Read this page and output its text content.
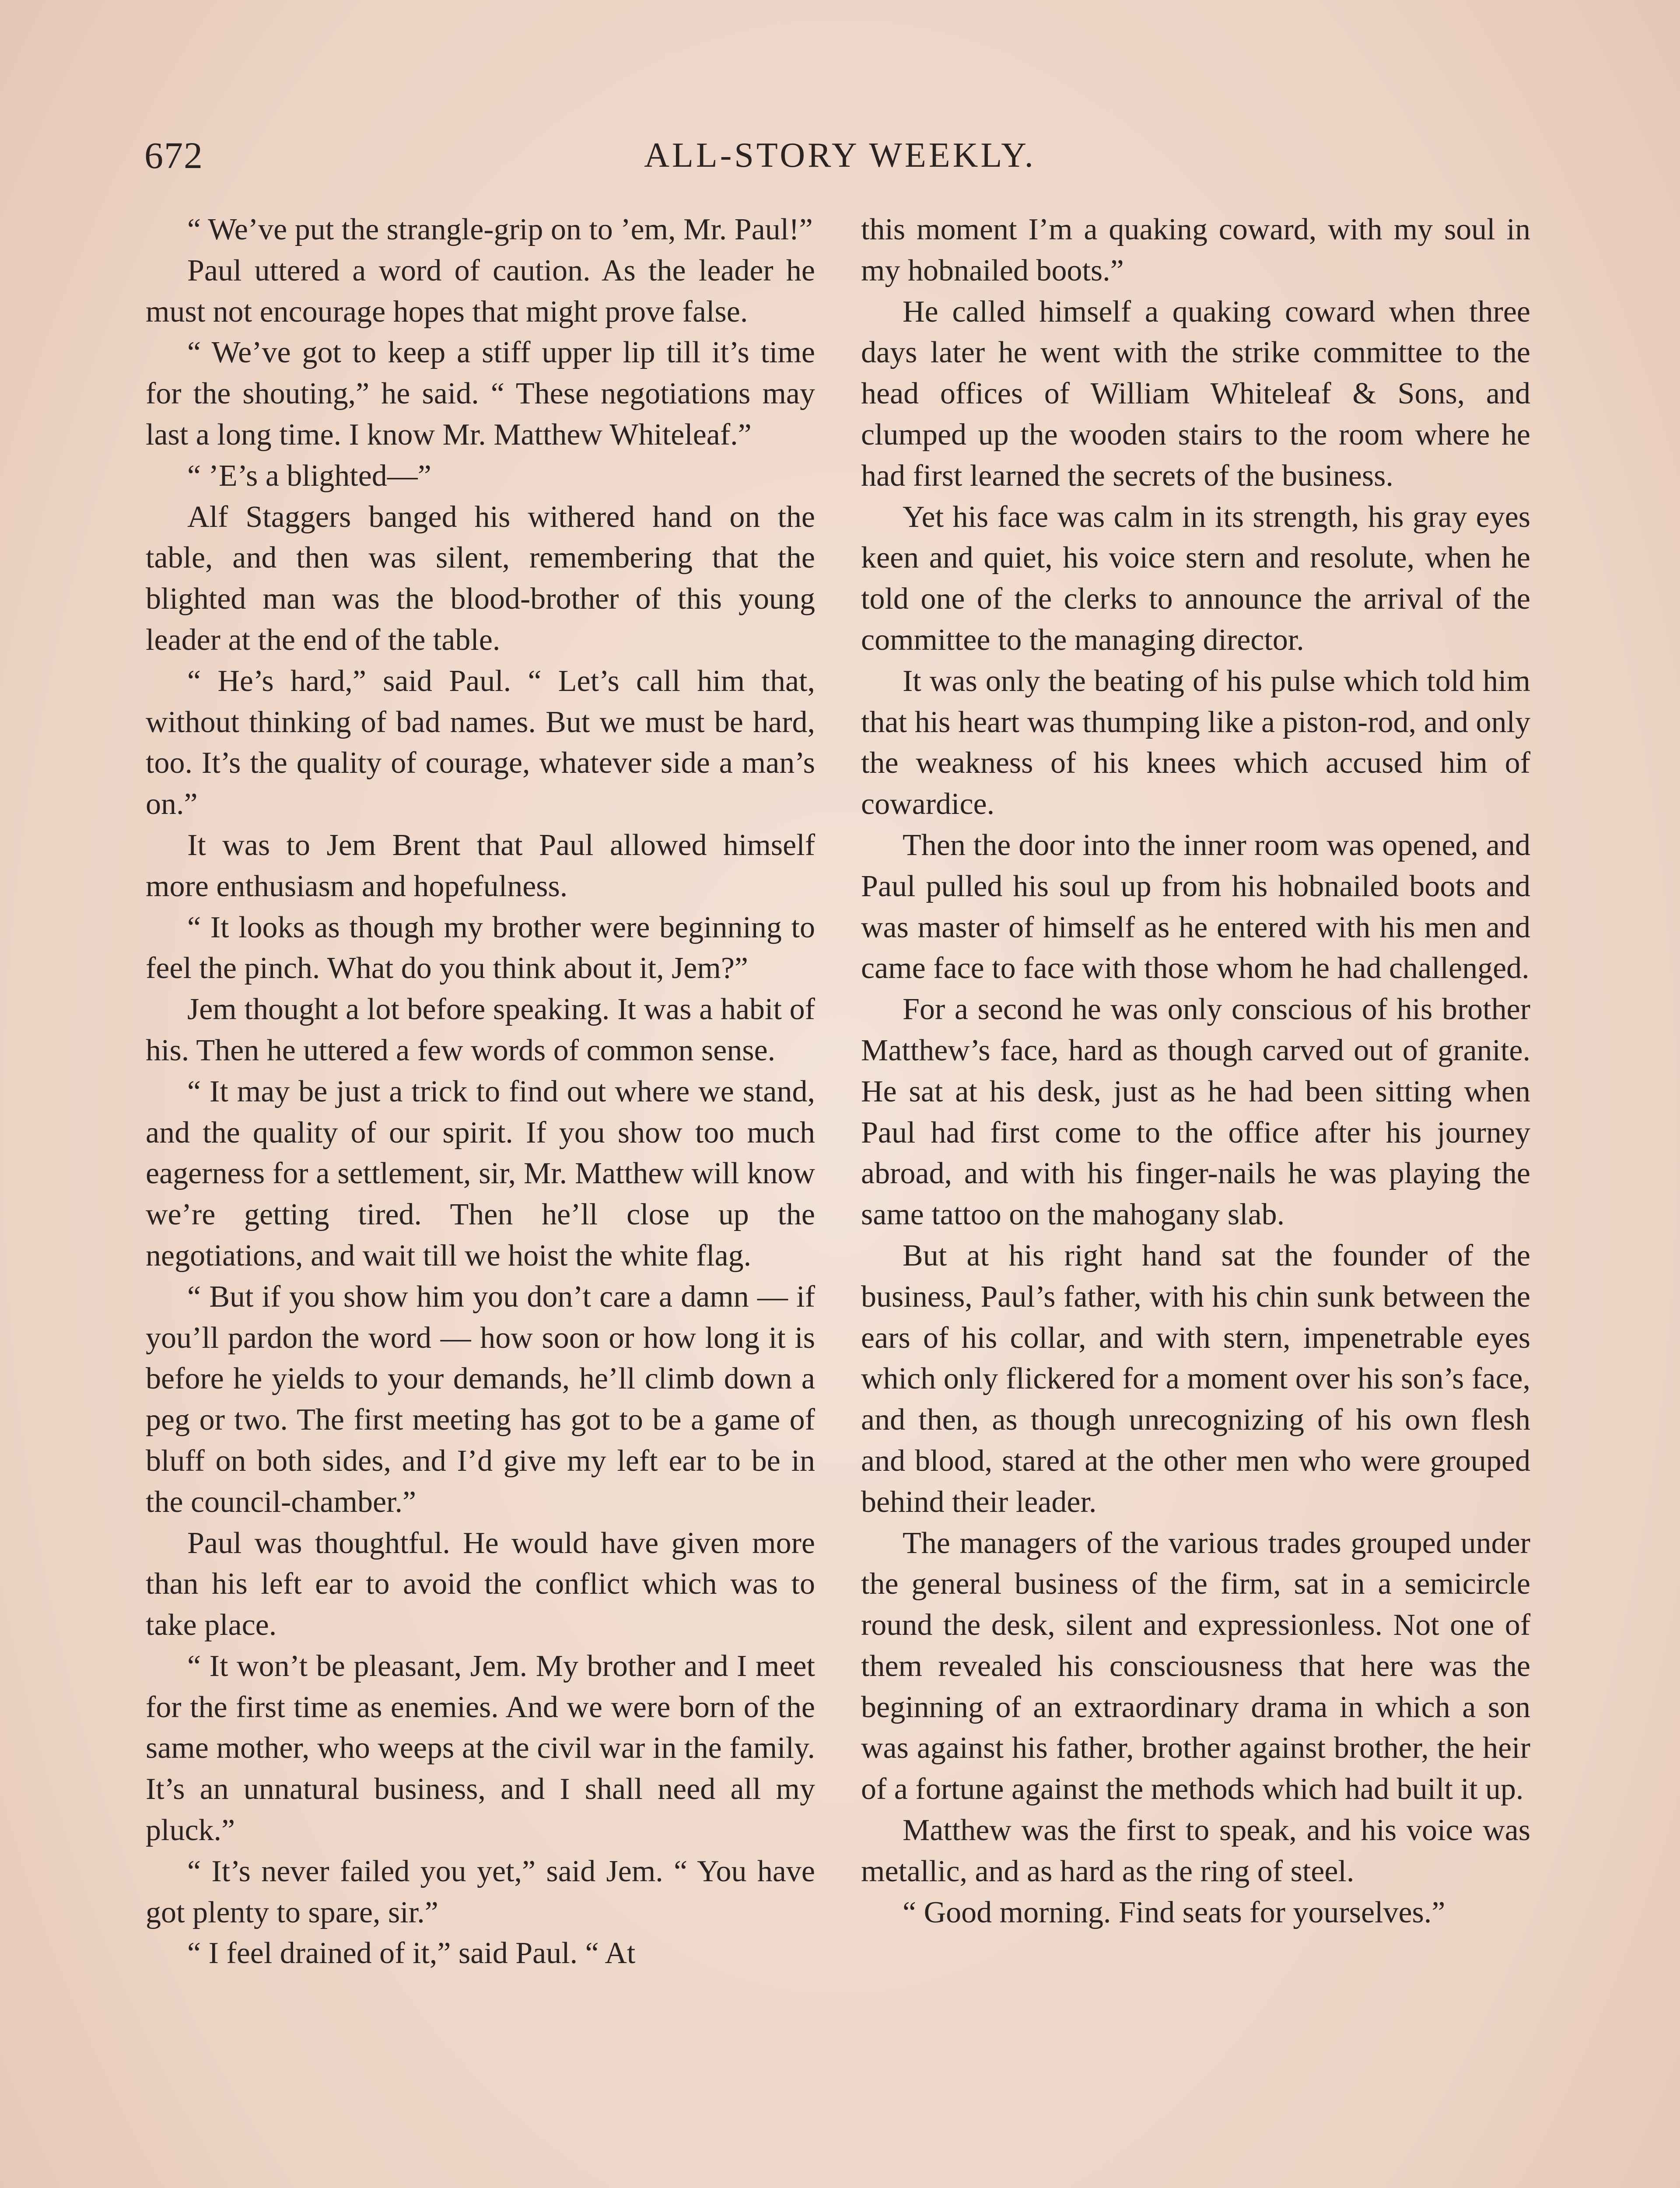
672	ALL-STORY WEEKLY.

“ We’ve put the strangle-grip on to ’em, Mr. Paul!”

Paul uttered a word of caution. As the leader he must not encourage hopes that might prove false.

“ We’ve got to keep a stiff upper lip till it’s time for the shouting,” he said. “ These negotiations may last a long time. I know Mr. Matthew Whiteleaf.”

“ ’E’s a blighted—”

Alf Staggers banged his withered hand on the table, and then was silent, remembering that the blighted man was the blood-brother of this young leader at the end of the table.

“ He’s hard,” said Paul. “ Let’s call him that, without thinking of bad names. But we must be hard, too. It’s the quality of courage, whatever side a man’s on.”

It was to Jem Brent that Paul allowed himself more enthusiasm and hopefulness.

“ It looks as though my brother were beginning to feel the pinch. What do you think about it, Jem?”

Jem thought a lot before speaking. It was a habit of his. Then he uttered a few words of common sense.

“ It may be just a trick to find out where we stand, and the quality of our spirit. If you show too much eagerness for a settlement, sir, Mr. Matthew will know we’re getting tired. Then he’ll close up the negotiations, and wait till we hoist the white flag.

“ But if you show him you don’t care a damn — if you’ll pardon the word — how soon or how long it is before he yields to your demands, he’ll climb down a peg or two. The first meeting has got to be a game of bluff on both sides, and I’d give my left ear to be in the council-chamber.”

Paul was thoughtful. He would have given more than his left ear to avoid the conflict which was to take place.

“ It won’t be pleasant, Jem. My brother and I meet for the first time as enemies. And we were born of the same mother, who weeps at the civil war in the family. It’s an unnatural business, and I shall need all my pluck.”

“ It’s never failed you yet,” said Jem. “ You have got plenty to spare, sir.”

“ I feel drained of it,” said Paul. “ At

this moment I’m a quaking coward, with my soul in my hobnailed boots.”

He called himself a quaking coward when three days later he went with the strike committee to the head offices of William Whiteleaf & Sons, and clumped up the wooden stairs to the room where he had first learned the secrets of the business.

Yet his face was calm in its strength, his gray eyes keen and quiet, his voice stern and resolute, when he told one of the clerks to announce the arrival of the committee to the managing director.

It was only the beating of his pulse which told him that his heart was thumping like a piston-rod, and only the weakness of his knees which accused him of cowardice.

Then the door into the inner room was opened, and Paul pulled his soul up from his hobnailed boots and was master of himself as he entered with his men and came face to face with those whom he had challenged.

For a second he was only conscious of his brother Matthew’s face, hard as though carved out of granite. He sat at his desk, just as he had been sitting when Paul had first come to the office after his journey abroad, and with his finger-nails he was playing the same tattoo on the mahogany slab.

But at his right hand sat the founder of the business, Paul’s father, with his chin sunk between the ears of his collar, and with stern, impenetrable eyes which only flickered for a moment over his son’s face, and then, as though unrecognizing of his own flesh and blood, stared at the other men who were grouped behind their leader.

The managers of the various trades grouped under the general business of the firm, sat in a semicircle round the desk, silent and expressionless. Not one of them revealed his consciousness that here was the beginning of an extraordinary drama in which a son was against his father, brother against brother, the heir of a fortune against the methods which had built it up.

Matthew was the first to speak, and his voice was metallic, and as hard as the ring of steel.

“ Good morning. Find seats for yourselves.”
